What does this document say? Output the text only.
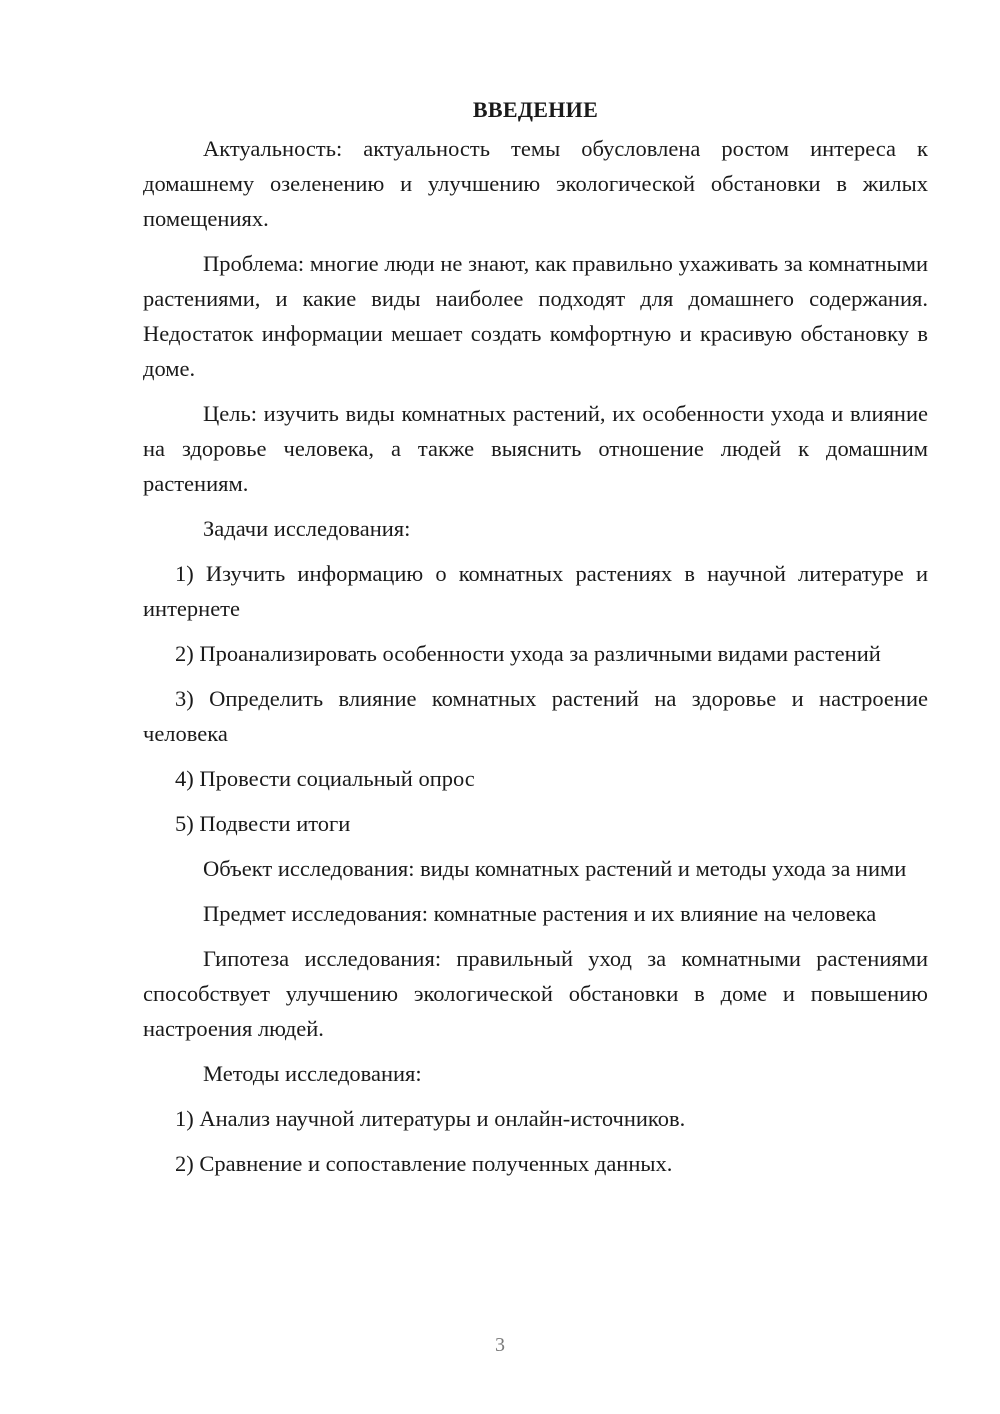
ВВЕДЕНИЕ

Актуальность: актуальность темы обусловлена ростом интереса к домашнему озеленению и улучшению экологической обстановки в жилых помещениях.

Проблема: многие люди не знают, как правильно ухаживать за комнатными растениями, и какие виды наиболее подходят для домашнего содержания. Недостаток информации мешает создать комфортную и красивую обстановку в доме.

Цель: изучить виды комнатных растений, их особенности ухода и влияние на здоровье человека, а также выяснить отношение людей к домашним растениям.

Задачи исследования:

1) Изучить информацию о комнатных растениях в научной литературе и интернете

2) Проанализировать особенности ухода за различными видами растений

3) Определить влияние комнатных растений на здоровье и настроение человека

4) Провести социальный опрос

5) Подвести итоги

Объект исследования: виды комнатных растений и методы ухода за ними

Предмет исследования: комнатные растения и их влияние на человека

Гипотеза исследования: правильный уход за комнатными растениями способствует улучшению экологической обстановки в доме и повышению настроения людей.

Методы исследования:

1) Анализ научной литературы и онлайн-источников.

2) Сравнение и сопоставление полученных данных.

3
